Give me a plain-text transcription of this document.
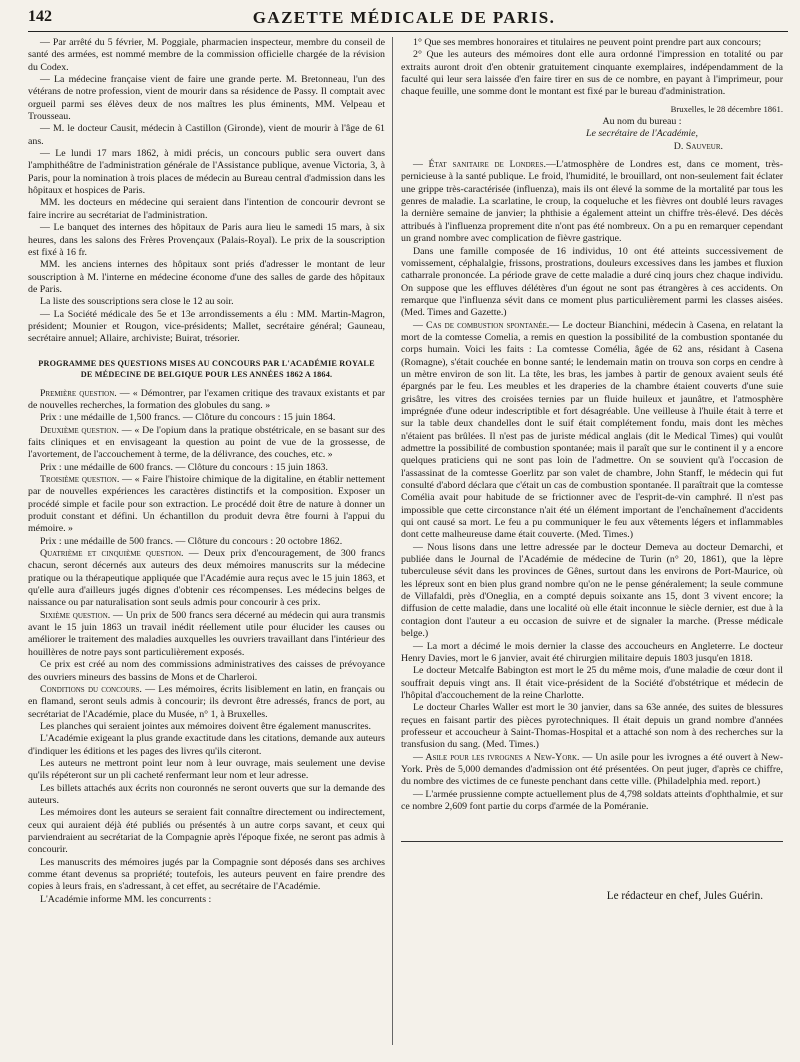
142	GAZETTE MÉDICALE DE PARIS.

— Par arrêté du 5 février, M. Poggiale, pharmacien inspecteur, membre du conseil de santé des armées, est nommé membre de la commission officielle chargée de la révision du Codex.

— La médecine française vient de faire une grande perte. M. Bretonneau, l'un des vétérans de notre profession, vient de mourir dans sa résidence de Passy. Il comptait avec orgueil parmi ses élèves deux de nos maîtres les plus éminents, MM. Velpeau et Trousseau.

— M. le docteur Causit, médecin à Castillon (Gironde), vient de mourir à l'âge de 61 ans.

— Le lundi 17 mars 1862, à midi précis, un concours public sera ouvert dans l'amphithéâtre de l'administration générale de l'Assistance publique, avenue Victoria, 3, à Paris, pour la nomination à trois places de médecin au Bureau central d'admission dans les hôpitaux et hospices de Paris.

MM. les docteurs en médecine qui seraient dans l'intention de concourir devront se faire incrire au secrétariat de l'administration.

— Le banquet des internes des hôpitaux de Paris aura lieu le samedi 15 mars, à six heures, dans les salons des Frères Provençaux (Palais-Royal). Le prix de la souscription est fixé à 16 fr.

MM. les anciens internes des hôpitaux sont priés d'adresser le montant de leur souscription à M. l'interne en médecine économe d'une des salles de garde des hôpitaux de Paris.

La liste des souscriptions sera close le 12 au soir.

— La Société médicale des 5e et 13e arrondissements a élu : MM. Martin-Magron, président; Mounier et Rougon, vice-présidents; Mallet, secrétaire général; Gauneau, secrétaire annuel; Allaire, archiviste; Buirat, trésorier.

PROGRAMME DES QUESTIONS MISES AU CONCOURS PAR L'ACADÉMIE ROYALE DE MÉDECINE DE BELGIQUE POUR LES ANNÉES 1862 A 1864.

Première question. — « Démontrer, par l'examen critique des travaux existants et par de nouvelles recherches, la formation des globules du sang. »

Prix : une médaille de 1,500 francs. — Clôture du concours : 15 juin 1864.

Deuxième question. — « De l'opium dans la pratique obstétricale, en se basant sur des faits cliniques et en envisageant la question au point de vue de la grossesse, de l'avortement, de l'accouchement à terme, de la délivrance, des couches, etc. »

Prix : une médaille de 600 francs. — Clôture du concours : 15 juin 1863.

Troisième question. — « Faire l'histoire chimique de la digitaline, en établir nettement par de nouvelles expériences les caractères distinctifs et la composition. Exposer un procédé simple et facile pour son extraction. Le procédé doit être de nature à donner un produit constant et défini. Un échantillon du produit devra être fourni à l'appui du mémoire. »

Prix : une médaille de 500 francs. — Clôture du concours : 20 octobre 1862.

Quatrième et cinquième question. — Deux prix d'encouragement, de 300 francs chacun, seront décernés aux auteurs des deux mémoires manuscrits sur la médecine pratique ou la thérapeutique appliquée que l'Académie aura reçus avec le 15 juin 1863, et qu'elle aura d'ailleurs jugés dignes d'obtenir ces récompenses. Les médecins belges de naissance ou par naturalisation sont seuls admis pour concourir à ces prix.

Sixième question. — Un prix de 500 francs sera décerné au médecin qui aura transmis avant le 15 juin 1863 un travail inédit réellement utile pour élucider les causes ou améliorer le traitement des maladies auxquelles les ouvriers travaillant dans l'intérieur des houillères de notre pays sont particulièrement exposés.

Ce prix est créé au nom des commissions administratives des caisses de prévoyance des ouvriers mineurs des bassins de Mons et de Charleroi.

Conditions du concours. — Les mémoires, écrits lisiblement en latin, en français ou en flamand, seront seuls admis à concourir; ils devront être adressés, francs de port, au secrétariat de l'Académie, place du Musée, n° 1, à Bruxelles.

Les planches qui seraient jointes aux mémoires doivent être également manuscrites.

L'Académie exigeant la plus grande exactitude dans les citations, demande aux auteurs d'indiquer les éditions et les pages des livres qu'ils citeront.

Les auteurs ne mettront point leur nom à leur ouvrage, mais seulement une devise qu'ils répéteront sur un pli cacheté renfermant leur nom et leur adresse.

Les billets attachés aux écrits non couronnés ne seront ouverts que sur la demande des auteurs.

Les mémoires dont les auteurs se seraient fait connaître directement ou indirectement, ceux qui auraient déjà été publiés ou présentés à un autre corps savant, et ceux qui parviendraient au secrétariat de la Compagnie après l'époque fixée, ne seront pas admis à concourir.

Les manuscrits des mémoires jugés par la Compagnie sont déposés dans ses archives comme étant devenus sa propriété; toutefois, les auteurs peuvent en faire prendre des copies à leurs frais, en s'adressant, à cet effet, au secrétaire de l'Académie.

L'Académie informe MM. les concurrents :

1° Que ses membres honoraires et titulaires ne peuvent point prendre part aux concours;

2° Que les auteurs des mémoires dont elle aura ordonné l'impression en totalité ou par extraits auront droit d'en obtenir gratuitement cinquante exemplaires, indépendamment de la faculté qui leur sera laissée d'en faire tirer en sus de ce nombre, en payant à l'imprimeur, pour chaque feuille, une somme dont le montant est fixé par le bureau d'administration.

Bruxelles, le 28 décembre 1861.

Au nom du bureau :

Le secrétaire de l'Académie,

D. Sauveur.

— État sanitaire de Londres.—L'atmosphère de Londres est, dans ce moment, très-pernicieuse à la santé publique. Le froid, l'humidité, le brouillard, ont non-seulement fait éclater une grippe très-caractérisée (influenza), mais ils ont élevé la somme de la mortalité par tous les genres de maladie. La scarlatine, le croup, la coqueluche et les fièvres ont doublé leurs ravages la dernière semaine de janvier; la phthisie a également atteint un chiffre très-élevé. Des décès attribués à l'influenza proprement dite n'ont pas été nombreux. On a pu en remarquer cependant un grand nombre avec complication de fièvre gastrique.

Dans une famille composée de 16 individus, 10 ont été atteints successivement de vomissement, céphalalgie, frissons, prostrations, douleurs excessives dans les jambes et fluxion catharrale prononcée. La période grave de cette maladie a duré cinq jours chez chaque individu. On suppose que les effluves délétères d'un égout ne sont pas étrangères à ces accidents. On remarque que l'influenza sévit dans ce moment plus particulièrement parmi les classes aisées. (Med. Times and Gazette.)

— Cas de combustion spontanée.— Le docteur Bianchini, médecin à Casena, en relatant la mort de la comtesse Comelia, a remis en question la possibilité de la combustion spontanée du corps humain. Voici les faits : La comtesse Comélia, âgée de 62 ans, résidant à Casena (Romagne), s'était couchée en bonne santé; le lendemain matin on trouva son corps en cendre à un mètre environ de son lit. La tête, les bras, les jambes à partir de genoux avaient seuls été épargnés par le feu. Les meubles et les draperies de la chambre étaient couverts d'une suie grisâtre, les vitres des croisées ternies par un fluide huileux et jaunâtre, et l'atmosphère imprégnée d'une odeur indescriptible et fort désagréable. Une veilleuse à l'huile était à terre et sur la table deux chandelles dont le suif était complétement fondu, mais dont les mèches n'étaient pas brûlées. Il n'est pas de juriste médical anglais (dit le Medical Times) qui voulût admettre la possibilité de combustion spontanée; mais il paraît que sur le continent il y a encore quelques praticiens qui ne sont pas loin de l'admettre. On se souvient qu'à l'occasion de l'assassinat de la comtesse Goerlitz par son valet de chambre, John Stanff, le médecin qui fut consulté d'abord déclara que c'était un cas de combustion spontanée. Il paraîtrait que la comtesse Comélia avait pour habitude de se frictionner avec de l'esprit-de-vin camphré. Il n'est pas impossible que cette circonstance n'ait été un élément important de l'enchaînement d'accidents qui ont causé sa mort. Le feu a pu communiquer le feu aux vêtements légers et inflammables dont cette malheureuse dame était couverte. (Med. Times.)

— Nous lisons dans une lettre adressée par le docteur Demeva au docteur Demarchi, et publiée dans le Journal de l'Académie de médecine de Turin (n° 20, 1861), que la lèpre tuberculeuse sévit dans les provinces de Gênes, surtout dans les environs de Port-Maurice, où les lépreux sont en bien plus grand nombre qu'on ne le pense généralement; la seule commune de Villafaldi, près d'Oneglia, en a compté depuis soixante ans 15, dont 3 vivent encore; la diffusion de cette maladie, dans une localité où elle était inconnue le siècle dernier, est due à la contagion dont l'auteur a eu occasion de suivre et de signaler la marche. (Presse médicale belge.)

— La mort a décimé le mois dernier la classe des accoucheurs en Angleterre. Le docteur Henry Davies, mort le 6 janvier, avait été chirurgien militaire depuis 1803 jusqu'en 1818.

Le docteur Metcalfe Babington est mort le 25 du même mois, d'une maladie de cœur dont il souffrait depuis vingt ans. Il était vice-président de la Société d'obstétrique et médecin de l'hôpital d'accouchement de la reine Charlotte.

Le docteur Charles Waller est mort le 30 janvier, dans sa 63e année, des suites de blessures reçues en faisant partir des pièces pyrotechniques. Il était depuis un grand nombre d'années professeur et accoucheur à Saint-Thomas-Hospital et a attaché son nom à des recherches sur la transfusion du sang. (Med. Times.)

— Asile pour les ivrognes a New-York. — Un asile pour les ivrognes a été ouvert à New-York. Près de 5,000 demandes d'admission ont été présentées. On peut juger, d'après ce chiffre, du nombre des victimes de ce funeste penchant dans cette ville. (Philadelphia med. report.)

— L'armée prussienne compte actuellement plus de 4,798 soldats atteints d'ophthalmie, et sur ce nombre 2,609 font partie du corps d'armée de la Poméranie.

Le rédacteur en chef, Jules Guérin.
